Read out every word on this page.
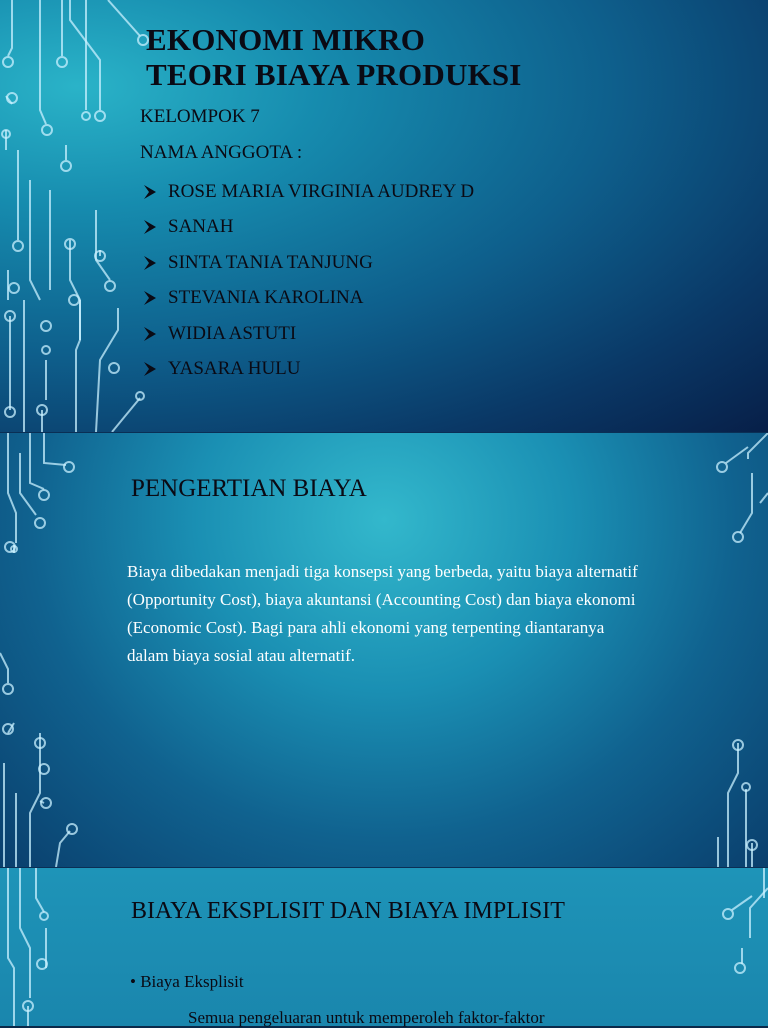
EKONOMI MIKRO
TEORI BIAYA PRODUKSI
KELOMPOK 7
NAMA ANGGOTA :
ROSE MARIA VIRGINIA AUDREY D
SANAH
SINTA TANIA TANJUNG
STEVANIA KAROLINA
WIDIA ASTUTI
YASARA HULU
PENGERTIAN BIAYA
Biaya dibedakan menjadi tiga konsepsi yang berbeda, yaitu biaya alternatif (Opportunity Cost), biaya akuntansi (Accounting Cost) dan biaya ekonomi (Economic Cost). Bagi para ahli ekonomi yang terpenting diantaranya dalam biaya sosial atau alternatif.
BIAYA EKSPLISIT DAN BIAYA IMPLISIT
• Biaya Eksplisit
Semua pengeluaran untuk memperoleh faktor-faktor
